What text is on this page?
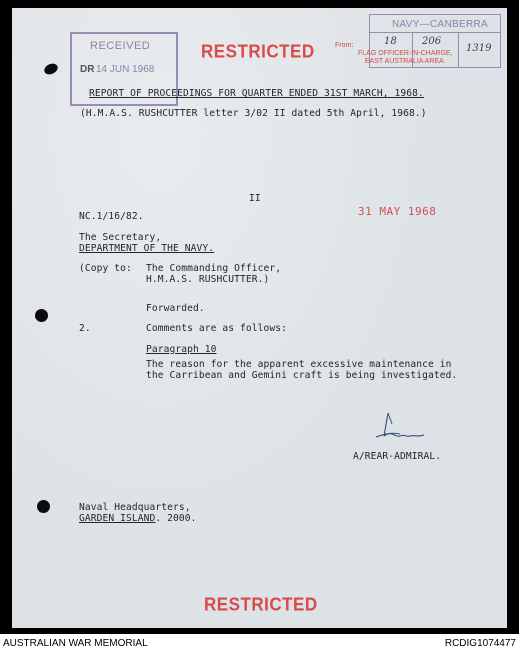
RECEIVED
DR 14 JUN 1968
RESTRICTED
NAVY—CANBERRA
18	206
1319
From:
FLAG OFFICER-IN-CHARGE,
EAST AUSTRALIA AREA.
REPORT OF PROCEEDINGS FOR QUARTER ENDED 31ST MARCH, 1968.
(H.M.A.S. RUSHCUTTER letter 3/02 II dated 5th April, 1968.)
II
NC.1/16/82.	31 MAY 1968
The Secretary,
DEPARTMENT OF THE NAVY.
(Copy to: The Commanding Officer,
H.M.A.S. RUSHCUTTER.)
Forwarded.
2.	Comments are as follows:
Paragraph 10
The reason for the apparent excessive maintenance in
the Carribean and Gemini craft is being investigated.
A/REAR-ADMIRAL.
Naval Headquarters,
GARDEN ISLAND. 2000.
RESTRICTED
AUSTRALIAN WAR MEMORIAL	RCDIG1074477
